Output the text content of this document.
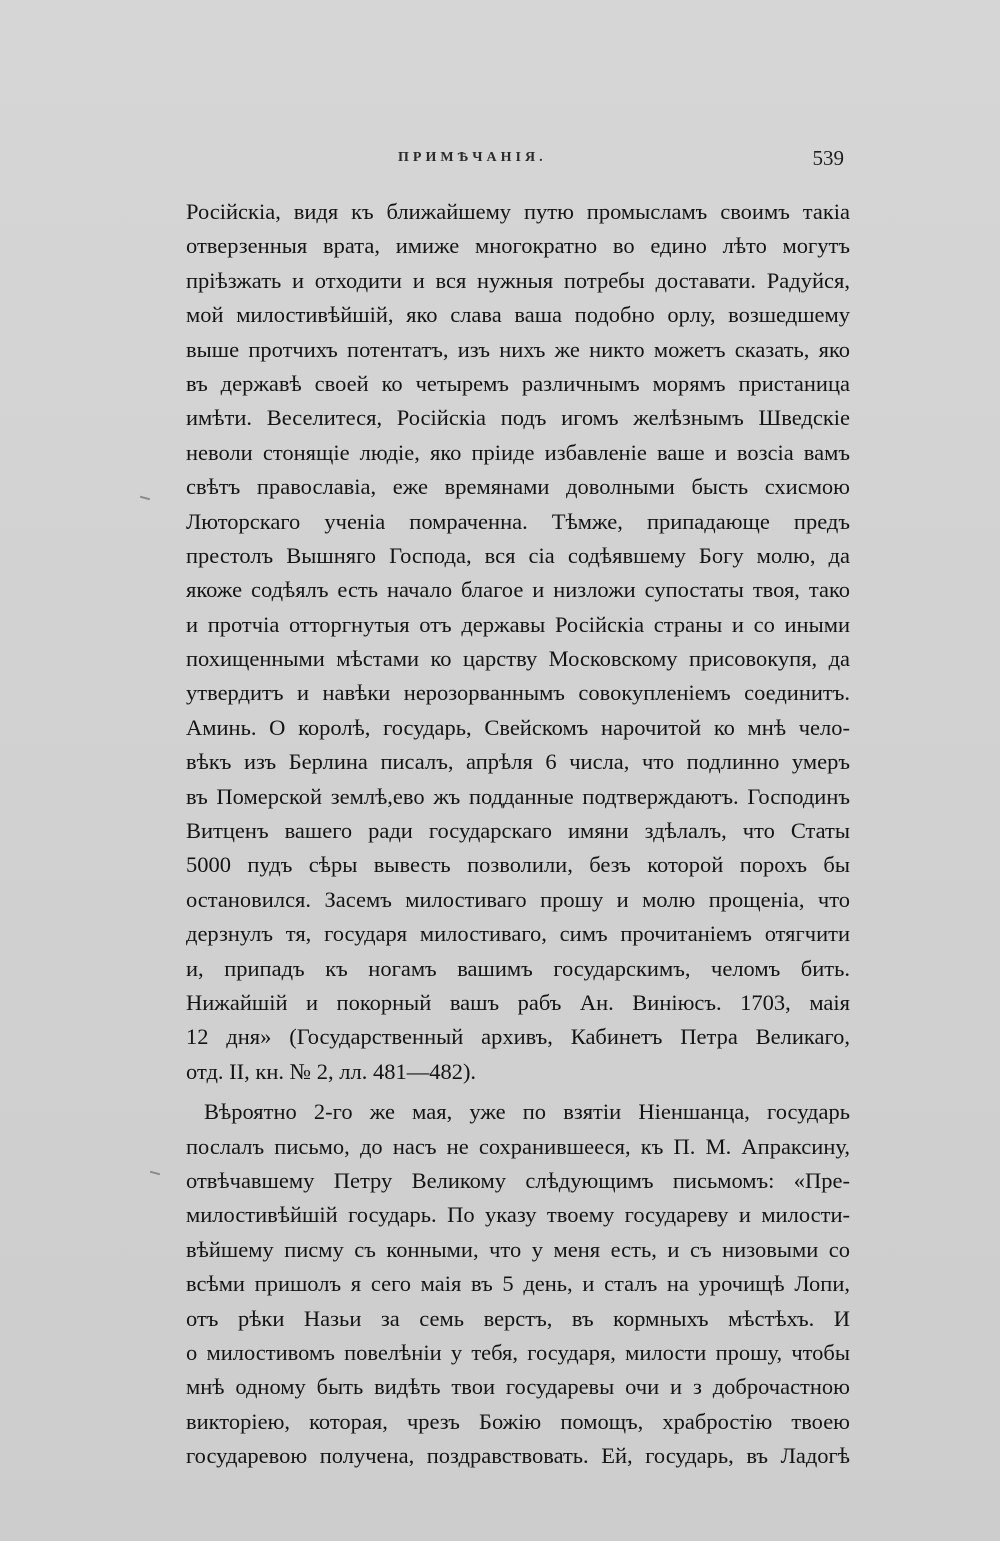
ПРИМѢЧАНІЯ.	539
Росiйскiа, видя къ ближайшему путю промысламъ своимъ такiа
отверзенныя врата, имиже многократно во едино лѣто могутъ
прiѣзжать и отходити и вся нужныя потребы доставати. Радуйся,
мой милостивѣйшiй, яко слава ваша подобно орлу, возшедшему
выше протчихъ потентатъ, изъ нихъ же никто можетъ сказать, яко
въ державѣ своей ко четыремъ различнымъ морямъ пристаница
имѣти. Веселитеся, Росiйскiа подъ игомъ желѣзнымъ Шведскiе
неволи стонящiе людiе, яко прiиде избавленiе ваше и возсiа вамъ
свѣтъ православiа, еже времянами доволными бысть схисмою
Люторскаго ученiа помраченна. Тѣмже, припадающе предъ
престолъ Вышняго Господа, вся сiа содѣявшему Богу молю, да
якоже содѣялъ есть начало благое и низложи супостаты твоя, тако
и протчiа отторгнутыя отъ державы Росiйскiа страны и со иными
похищенными мѣстами ко царству Московскому присовокупя, да
утвердитъ и навѣки нерозорваннымъ совокупленiемъ соединитъ.
Аминь. О королѣ, государь, Свейскомъ нарочитой ко мнѣ чело-
вѣкъ изъ Берлина писалъ, апрѣля 6 числа, что подлинно умеръ
въ Померской землѣ,ево жъ подданные подтверждаютъ. Господинъ
Витценъ вашего ради государскаго имяни здѣлалъ, что Статы
5000 пудъ сѣры вывесть позволили, безъ которой порохъ бы
остановился. Засемъ милостиваго прошу и молю прощенiа, что
дерзнулъ тя, государя милостиваго, симъ прочитанiемъ отягчити
и, припадъ къ ногамъ вашимъ государскимъ, челомъ бить.
Нижайшiй и покорный вашъ рабъ Ан. Винiюсъ. 1703, маiя
12 дня» (Государственный архивъ, Кабинетъ Петра Великаго,
отд. II, кн. № 2, лл. 481—482).
Вѣроятно 2-го же мая, уже по взятiи Нiеншанца, государь
послалъ письмо, до насъ не сохранившееся, къ П. М. Апраксину,
отвѣчавшему Петру Великому слѣдующимъ письмомъ: «Пре-
милостивѣйшiй государь. По указу твоему государеву и милости-
вѣйшему писму съ конными, что у меня есть, и съ низовыми со
всѣми пришолъ я сего маiя въ 5 день, и сталъ на урочищѣ Лопи,
отъ рѣки Назьи за семь верстъ, въ кормныхъ мѣстѣхъ. И
о милостивомъ повелѣнiи у тебя, государя, милости прошу, чтобы
мнѣ одному быть видѣть твои государевы очи и з доброчастною
викторiею, которая, чрезъ Божiю помощъ, храбростiю твоею
государевою получена, поздравствовать. Ей, государь, въ Ладогѣ
